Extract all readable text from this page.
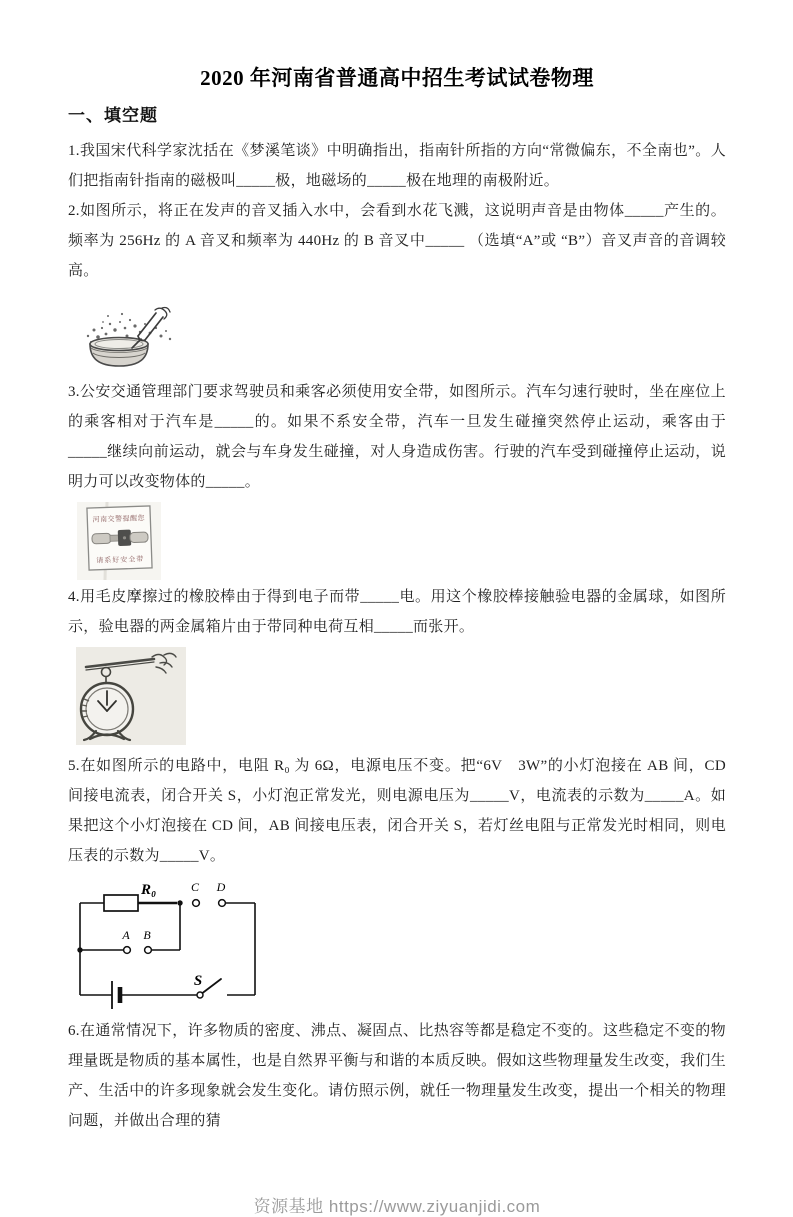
2020 年河南省普通高中招生考试试卷物理
一、填空题

1.我国宋代科学家沈括在《梦溪笔谈》中明确指出，指南针所指的方向“常微偏东，不全南也”。人们把指南针指南的磁极叫_____极，地磁场的_____极在地理的南极附近。

2.如图所示，将正在发声的音叉插入水中，会看到水花飞溅，这说明声音是由物体_____产生的。频率为 256Hz 的 A 音叉和频率为 440Hz 的 B 音叉中_____ （选填“A”或 “B”）音叉声音的音调较高。

3.公安交通管理部门要求驾驶员和乘客必须使用安全带，如图所示。汽车匀速行驶时，坐在座位上的乘客相对于汽车是_____的。如果不系安全带，汽车一旦发生碰撞突然停止运动，乘客由于_____继续向前运动，就会与车身发生碰撞，对人身造成伤害。行驶的汽车受到碰撞停止运动，说明力可以改变物体的_____。

河南交警提醒您
请系好安全带

4.用毛皮摩擦过的橡胶棒由于得到电子而带_____电。用这个橡胶棒接触验电器的金属球，如图所示，验电器的两金属箱片由于带同种电荷互相_____而张开。

5.在如图所示的电路中，电阻 R₀ 为 6Ω，电源电压不变。把“6V　3W”的小灯泡接在 AB 间，CD 间接电流表，闭合开关 S，小灯泡正常发光，则电源电压为_____V，电流表的示数为_____A。如果把这个小灯泡接在 CD 间，AB 间接电压表，闭合开关 S，若灯丝电阻与正常发光时相同，则电压表的示数为_____V。

R₀	C D
A B
S

6.在通常情况下，许多物质的密度、沸点、凝固点、比热容等都是稳定不变的。这些稳定不变的物理量既是物质的基本属性，也是自然界平衡与和谐的本质反映。假如这些物理量发生改变，我们生产、生活中的许多现象就会发生变化。请仿照示例，就任一物理量发生改变，提出一个相关的物理问题，并做出合理的猜

资源基地 https://www.ziyuanjidi.com
